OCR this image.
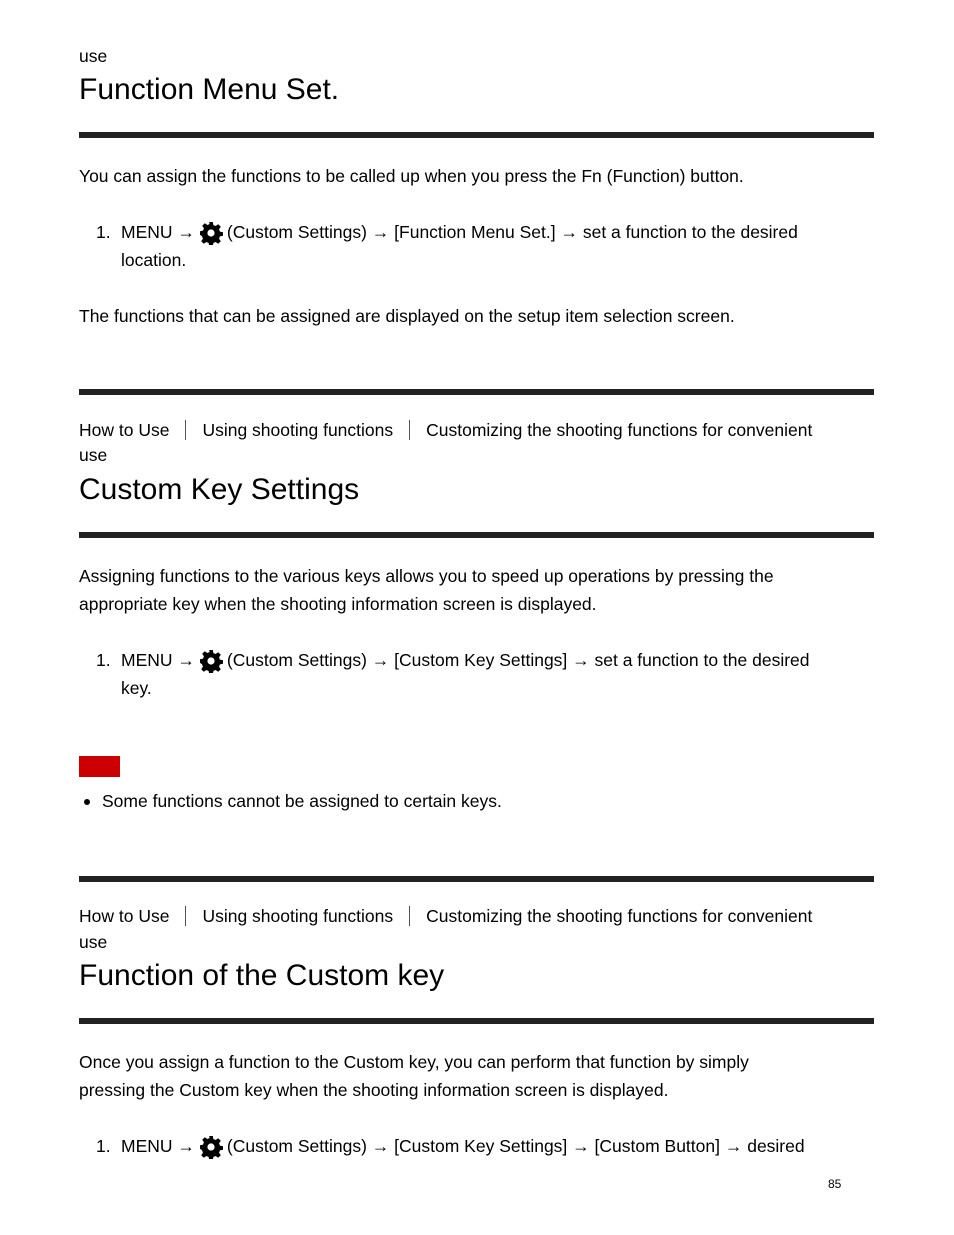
use
Function Menu Set.
You can assign the functions to be called up when you press the Fn (Function) button.
1. MENU → (Custom Settings) → [Function Menu Set.] → set a function to the desired
location.
The functions that can be assigned are displayed on the setup item selection screen.
How to Use Using shooting functions Customizing the shooting functions for convenient
use
Custom Key Settings
Assigning functions to the various keys allows you to speed up operations by pressing the
appropriate key when the shooting information screen is displayed.
1. MENU → (Custom Settings) → [Custom Key Settings] → set a function to the desired
key.
Some functions cannot be assigned to certain keys.
How to Use Using shooting functions Customizing the shooting functions for convenient
use
Function of the Custom key
Once you assign a function to the Custom key, you can perform that function by simply
pressing the Custom key when the shooting information screen is displayed.
1. MENU → (Custom Settings) → [Custom Key Settings] → [Custom Button] → desired
85
